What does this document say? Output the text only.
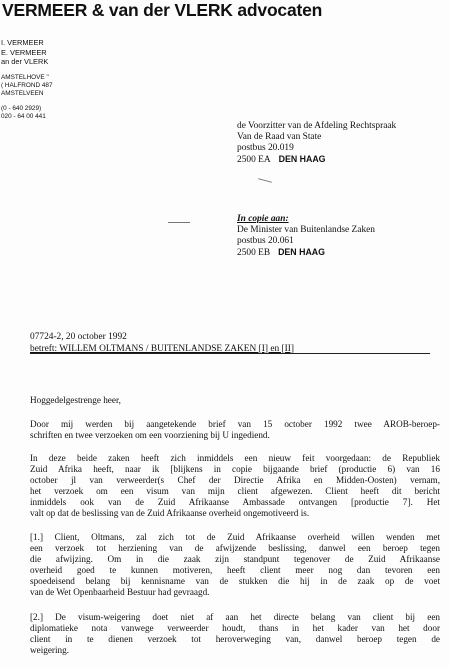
VERMEER & van der VLERK advocaten
I. VERMEER
E. VERMEER
an der VLERK
AMSTELHOVE "
( HALFROND 487
AMSTELVEEN
(0 - 640 2929)
020 - 64 00 441
de Voorzitter van de Afdeling Rechtspraak
Van de Raad van State
postbus 20.019
2500 EA DEN HAAG
In copie aan:
De Minister van Buitenlandse Zaken
postbus 20.061
2500 EB DEN HAAG
07724-2, 20 october 1992
betreft: WILLEM OLTMANS / BUITENLANDSE ZAKEN [I] en [II]
Hoggedelgestrenge heer,
Door mij werden bij aangetekende brief van 15 october 1992 twee AROB-beroep-
schriften en twee verzoeken om een voorziening bij U ingediend.
In deze beide zaken heeft zich inmiddels een nieuw feit voorgedaan: de Republiek
Zuid Afrika heeft, naar ik [blijkens in copie bijgaande brief (productie 6) van 16
october jl van verweerder(s Chef der Directie Afrika en Midden-Oosten) vernam,
het verzoek om een visum van mijn client afgewezen. Client heeft dit bericht
inmiddels ook van de Zuid Afrikaanse Ambassade ontvangen [productie 7]. Het
valt op dat de beslissing van de Zuid Afrikaanse overheid ongemotiveerd is.
[1.] Client, Oltmans, zal zich tot de Zuid Afrikaanse overheid willen wenden met
een verzoek tot herziening van de afwijzende beslissing, danwel een beroep tegen
die afwijzing. Om in die zaak zijn standpunt tegenover de Zuid Afrikaanse
overheid goed te kunnen motiveren, heeft client meer nog dan tevoren een
spoedeisend belang bij kennisname van de stukken die hij in de zaak op de voet
van de Wet Openbaarheid Bestuur had gevraagd.
[2.] De visum-weigering doet niet af aan het directe belang van client bij een
diplomatieke nota vanwege verweerder houdt, thans in het kader van het door
client in te dienen verzoek tot heroverweging van, danwel beroep tegen de
weigering.
